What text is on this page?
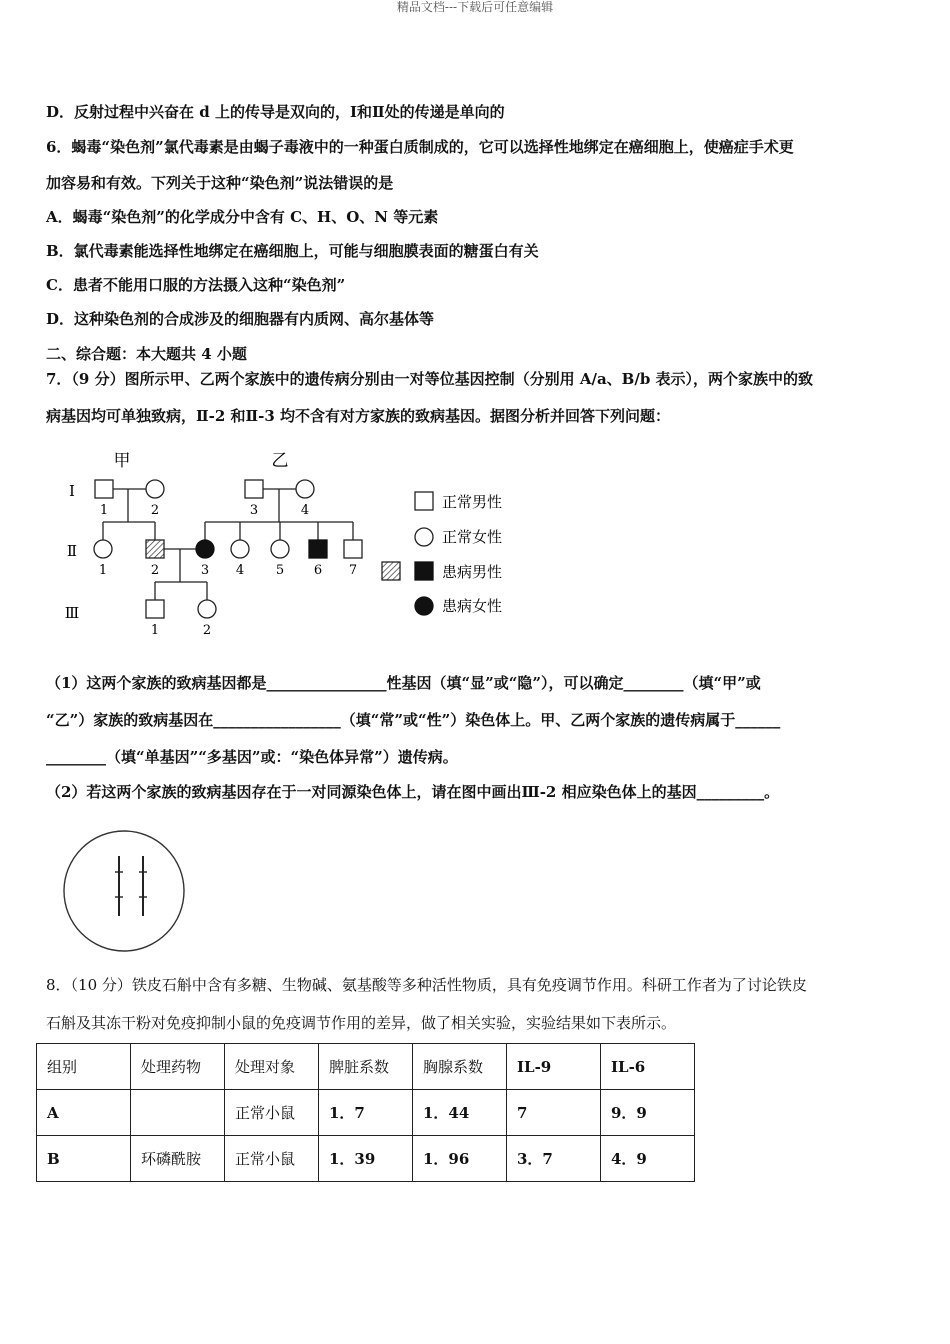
精品文档---下载后可任意编辑
D．反射过程中兴奋在 d 上的传导是双向的，Ⅰ和Ⅱ处的传递是单向的
6．蝎毒“染色剂”氯代毒素是由蝎子毒液中的一种蛋白质制成的，它可以选择性地绑定在癌细胞上，使癌症手术更
加容易和有效。下列关于这种“染色剂”说法错误的是
A．蝎毒“染色剂”的化学成分中含有 C、H、O、N 等元素
B．氯代毒素能选择性地绑定在癌细胞上，可能与细胞膜表面的糖蛋白有关
C．患者不能用口服的方法摄入这种“染色剂”
D．这种染色剂的合成涉及的细胞器有内质网、高尔基体等
二、综合题：本大题共 4 小题
7．（9 分）图所示甲、乙两个家族中的遗传病分别由一对等位基因控制（分别用 A/a、B/b 表示），两个家族中的致
病基因均可单独致病，Ⅱ-2 和Ⅱ-3 均不含有对方家族的致病基因。据图分析并回答下列问题：
甲	乙
Ⅰ
Ⅱ
Ⅲ
1	2	3	4
1	2	3 4 5 6 7
1	2
正常男性
正常女性
患病男性
患病女性
（1）这两个家族的致病基因都是________________性基因（填“显”或“隐”），可以确定________（填“甲”或
“乙”）家族的致病基因在_________________（填“常”或“性”）染色体上。甲、乙两个家族的遗传病属于______
________（填“单基因”“多基因”或：“染色体异常”）遗传病。
（2）若这两个家族的致病基因存在于一对同源染色体上，请在图中画出Ⅲ-2 相应染色体上的基因_________。
8．（10 分）铁皮石斛中含有多糖、生物碱、氨基酸等多种活性物质，具有免疫调节作用。科研工作者为了讨论铁皮
石斛及其冻干粉对免疫抑制小鼠的免疫调节作用的差异，做了相关实验，实验结果如下表所示。
组别	处理药物	处理对象	脾脏系数	胸腺系数	IL-9	IL-6
A		正常小鼠	1．7	1．44	7	9．9
B	环磷酰胺	正常小鼠	1．39	1．96	3．7	4．9
